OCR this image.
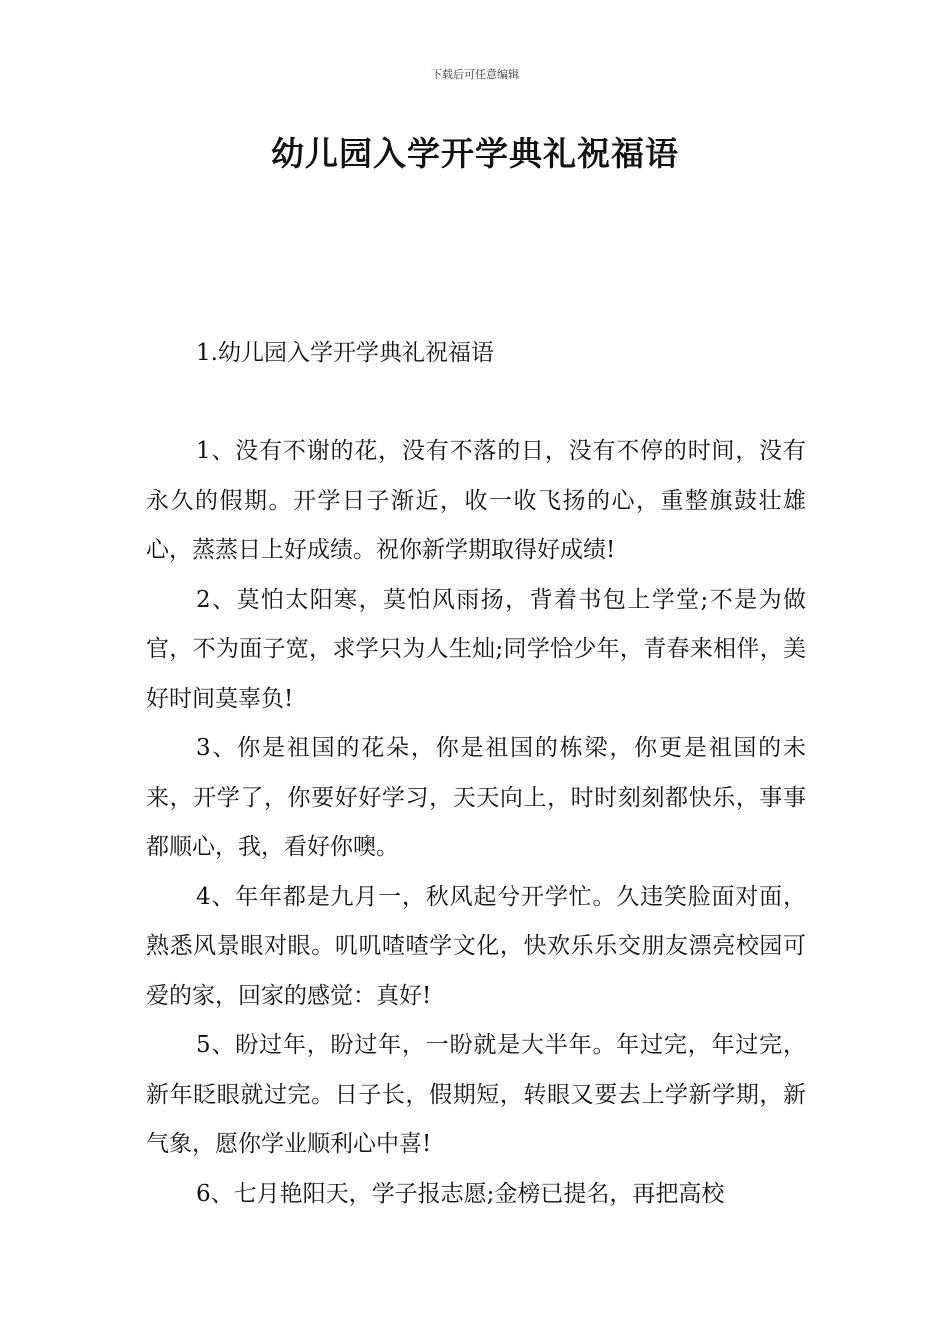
下载后可任意编辑
幼儿园入学开学典礼祝福语
1.幼儿园入学开学典礼祝福语

1、没有不谢的花，没有不落的日，没有不停的时间，没有永久的假期。开学日子渐近，收一收飞扬的心，重整旗鼓壮雄心，蒸蒸日上好成绩。祝你新学期取得好成绩!

2、莫怕太阳寒，莫怕风雨扬，背着书包上学堂;不是为做官，不为面子宽，求学只为人生灿;同学恰少年，青春来相伴，美好时间莫辜负!

3、你是祖国的花朵，你是祖国的栋梁，你更是祖国的未来，开学了，你要好好学习，天天向上，时时刻刻都快乐，事事都顺心，我，看好你噢。

4、年年都是九月一，秋风起兮开学忙。久违笑脸面对面，熟悉风景眼对眼。叽叽喳喳学文化，快欢乐乐交朋友漂亮校园可爱的家，回家的感觉：真好!

5、盼过年，盼过年，一盼就是大半年。年过完，年过完，新年眨眼就过完。日子长，假期短，转眼又要去上学新学期，新气象，愿你学业顺利心中喜!

6、七月艳阳天，学子报志愿;金榜已提名，再把高校
